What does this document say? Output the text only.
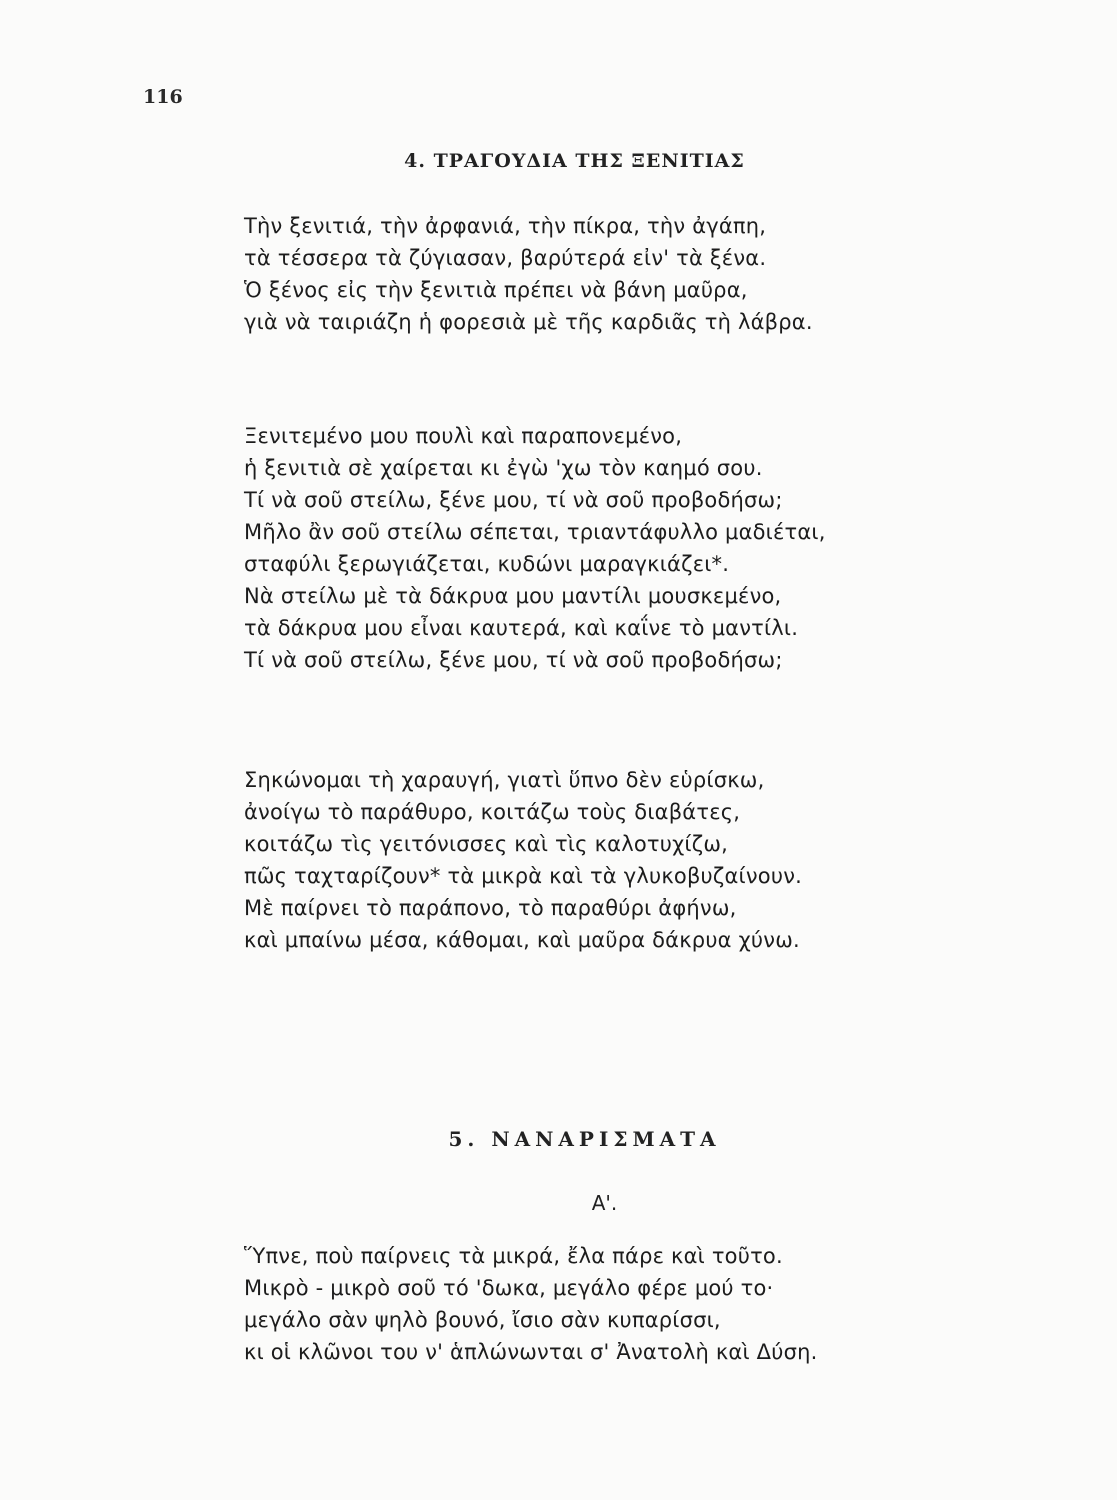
116
4. ΤΡΑΓΟΥΔΙΑ ΤΗΣ ΞΕΝΙΤΙΑΣ
Τὴν ξενιτιά, τὴν ἀρφανιά, τὴν πίκρα, τὴν ἀγάπη,
τὰ τέσσερα τὰ ζύγιασαν, βαρύτερά εἰν' τὰ ξένα.
Ὁ ξένος εἰς τὴν ξενιτιὰ πρέπει νὰ βάνη μαῦρα,
γιὰ νὰ ταιριάζη ἡ φορεσιὰ μὲ τῆς καρδιᾶς τὴ λάβρα.
Ξενιτεμένο μου πουλὶ καὶ παραπονεμένο,
ἡ ξενιτιὰ σὲ χαίρεται κι ἐγὼ 'χω τὸν καημό σου.
Τί νὰ σοῦ στείλω, ξένε μου, τί νὰ σοῦ προβοδήσω;
Μῆλο ἂν σοῦ στείλω σέπεται, τριαντάφυλλο μαδιέται,
σταφύλι ξερωγιάζεται, κυδώνι μαραγκιάζει*.
Νὰ στείλω μὲ τὰ δάκρυα μου μαντίλι μουσκεμένο,
τὰ δάκρυα μου εἶναι καυτερά, καὶ καΐνε τὸ μαντίλι.
Τί νὰ σοῦ στείλω, ξένε μου, τί νὰ σοῦ προβοδήσω;
Σηκώνομαι τὴ χαραυγή, γιατὶ ὕπνο δὲν εὑρίσκω,
ἀνοίγω τὸ παράθυρο, κοιτάζω τοὺς διαβάτες,
κοιτάζω τὶς γειτόνισσες καὶ τὶς καλοτυχίζω,
πῶς ταχταρίζουν* τὰ μικρὰ καὶ τὰ γλυκοβυζαίνουν.
Μὲ παίρνει τὸ παράπονο, τὸ παραθύρι ἀφήνω,
καὶ μπαίνω μέσα, κάθομαι, καὶ μαῦρα δάκρυα χύνω.
5. ΝΑΝΑΡΙΣΜΑΤΑ
Α'.
Ὕπνε, ποὺ παίρνεις τὰ μικρά, ἔλα πάρε καὶ τοῦτο.
Μικρὸ - μικρὸ σοῦ τό 'δωκα, μεγάλο φέρε μού το·
μεγάλο σὰν ψηλὸ βουνό, ἴσιο σὰν κυπαρίσσι,
κι οἱ κλῶνοι του ν' ἁπλώνωνται σ' Ἀνατολὴ καὶ Δύση.
